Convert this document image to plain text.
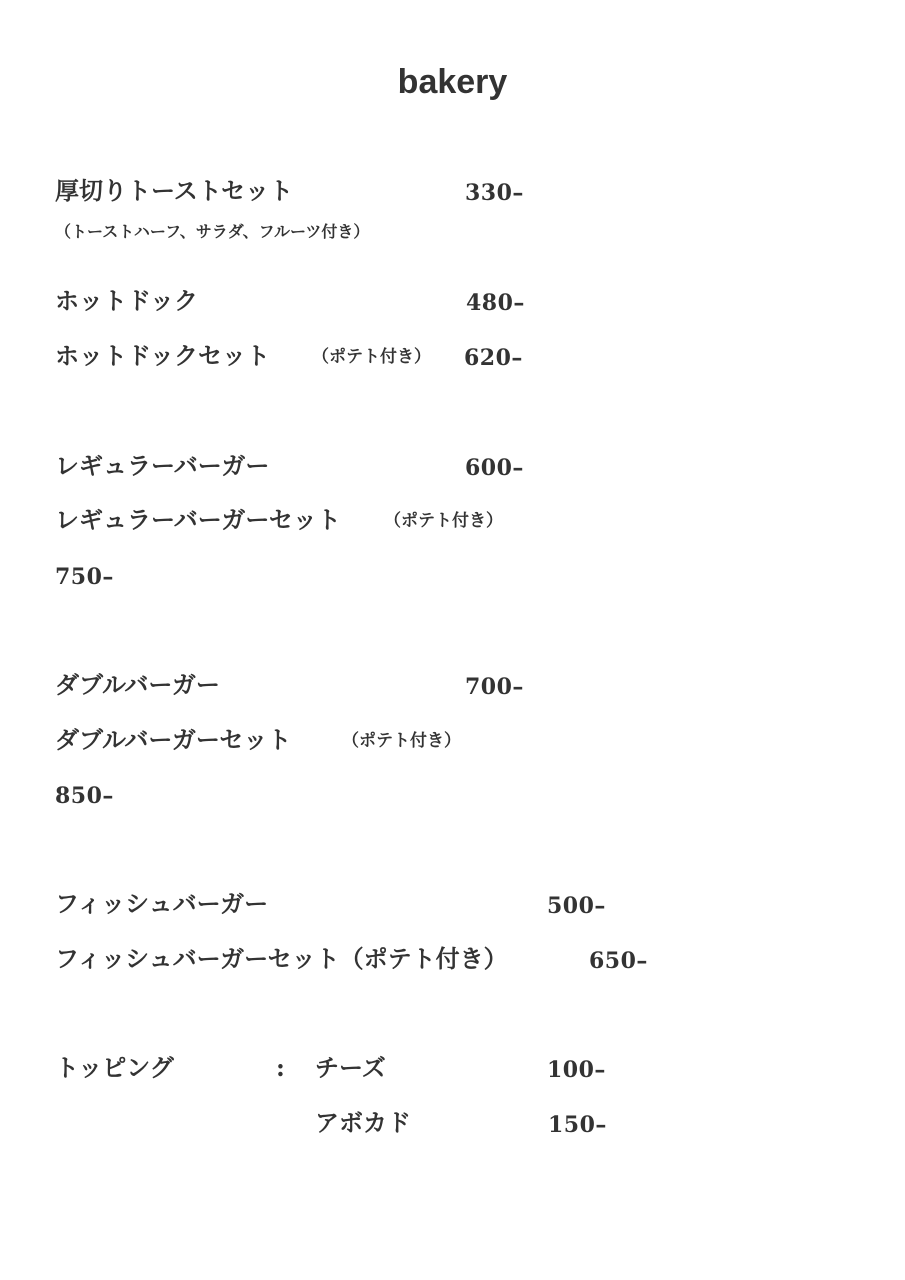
bakery
厚切りトーストセット	330–
（トーストハーフ、サラダ、フルーツ付き）
ホットドック	480–
ホットドックセット （ポテト付き） 620–
レギュラーバーガー	600–
レギュラーバーガーセット	（ポテト付き）
750–
ダブルバーガー	700–
ダブルバーガーセット	（ポテト付き）
850–
フィッシュバーガー	500–
フィッシュバーガーセット（ポテト付き）	650–
トッピング	: チーズ	100–
アボカド	150–
